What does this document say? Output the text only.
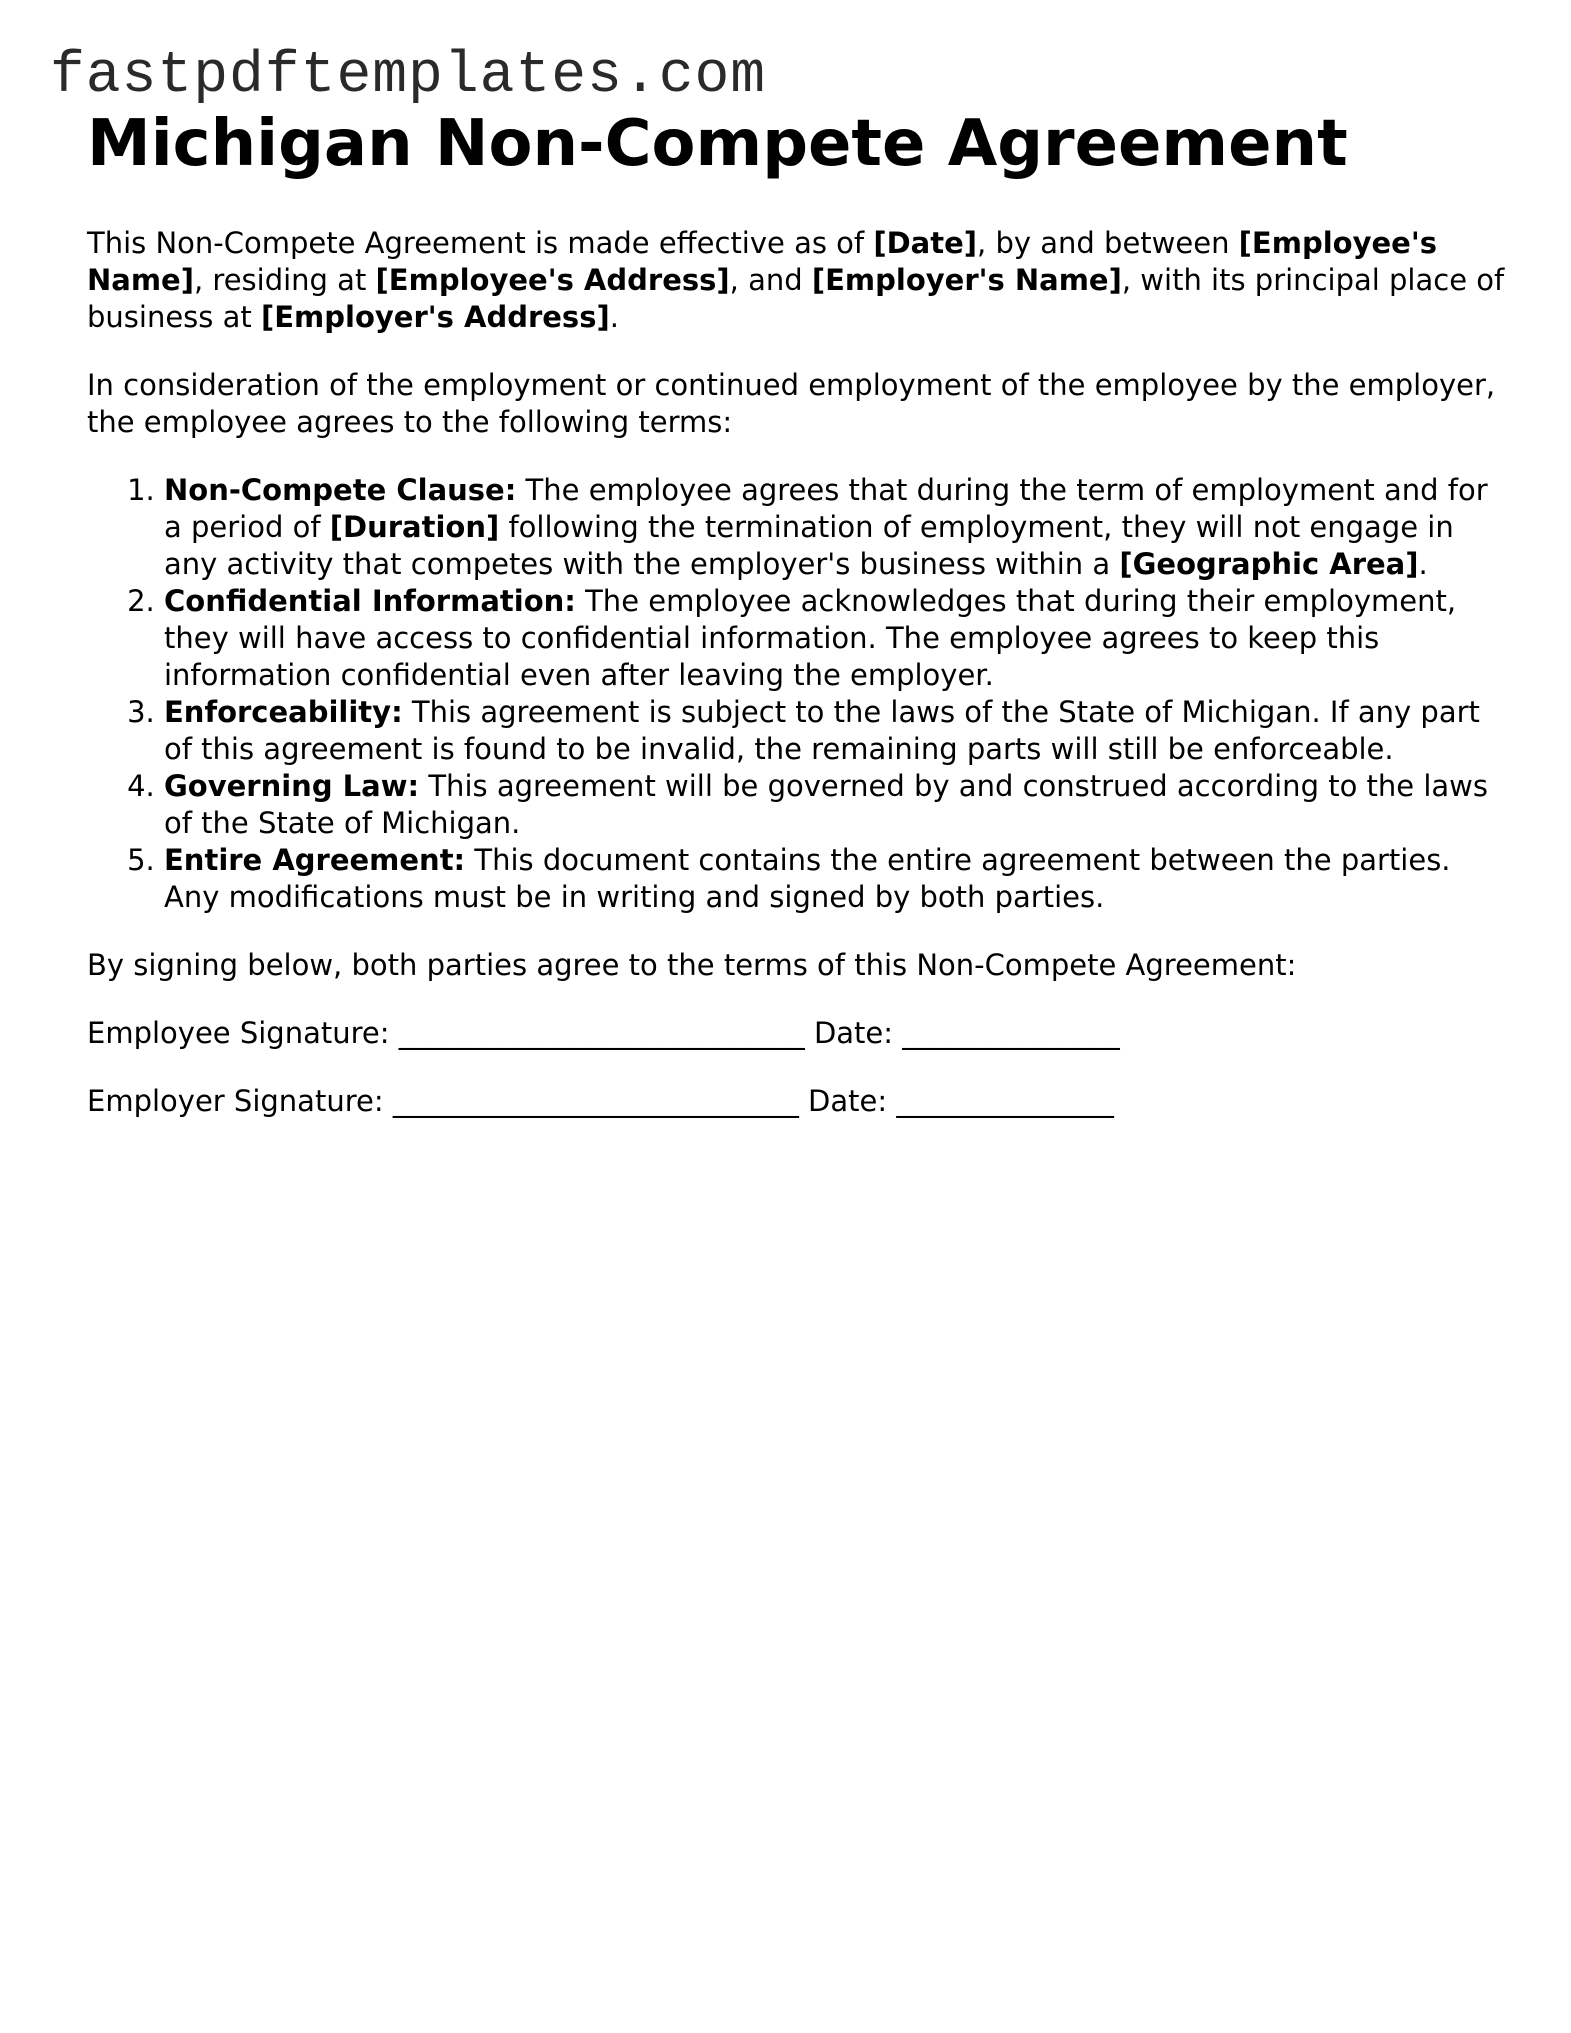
fastpdftemplates.com
Michigan Non-Compete Agreement

This Non-Compete Agreement is made effective as of [Date], by and between [Employee's Name], residing at [Employee's Address], and [Employer's Name], with its principal place of business at [Employer's Address].

In consideration of the employment or continued employment of the employee by the employer, the employee agrees to the following terms:

1. Non-Compete Clause: The employee agrees that during the term of employment and for a period of [Duration] following the termination of employment, they will not engage in any activity that competes with the employer's business within a [Geographic Area].
2. Confidential Information: The employee acknowledges that during their employment, they will have access to confidential information. The employee agrees to keep this information confidential even after leaving the employer.
3. Enforceability: This agreement is subject to the laws of the State of Michigan. If any part of this agreement is found to be invalid, the remaining parts will still be enforceable.
4. Governing Law: This agreement will be governed by and construed according to the laws of the State of Michigan.
5. Entire Agreement: This document contains the entire agreement between the parties. Any modifications must be in writing and signed by both parties.

By signing below, both parties agree to the terms of this Non-Compete Agreement:

Employee Signature: ____________________________ Date: _______________
Employer Signature: ____________________________ Date: _______________
